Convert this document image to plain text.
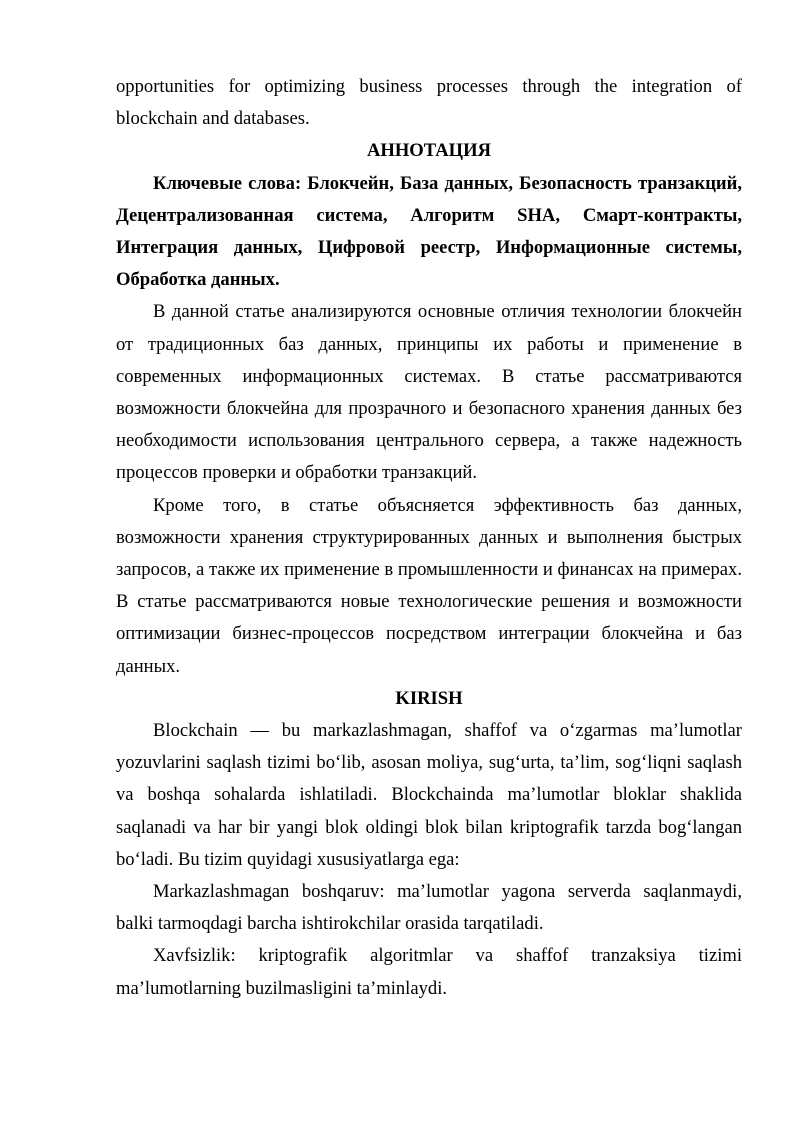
opportunities for optimizing business processes through the integration of blockchain and databases.

АННОТАЦИЯ

Ключевые слова: Блокчейн, База данных, Безопасность транзакций, Децентрализованная система, Алгоритм SHA, Смарт-контракты, Интеграция данных, Цифровой реестр, Информационные системы, Обработка данных.

В данной статье анализируются основные отличия технологии блокчейн от традиционных баз данных, принципы их работы и применение в современных информационных системах. В статье рассматриваются возможности блокчейна для прозрачного и безопасного хранения данных без необходимости использования центрального сервера, а также надежность процессов проверки и обработки транзакций.

Кроме того, в статье объясняется эффективность баз данных, возможности хранения структурированных данных и выполнения быстрых запросов, а также их применение в промышленности и финансах на примерах. В статье рассматриваются новые технологические решения и возможности оптимизации бизнес-процессов посредством интеграции блокчейна и баз данных.

KIRISH

Blockchain — bu markazlashmagan, shaffof va o‘zgarmas ma’lumotlar yozuvlarini saqlash tizimi bo‘lib, asosan moliya, sug‘urta, ta’lim, sog‘liqni saqlash va boshqa sohalarda ishlatiladi. Blockchainda ma’lumotlar bloklar shaklida saqlanadi va har bir yangi blok oldingi blok bilan kriptografik tarzda bog‘langan bo‘ladi. Bu tizim quyidagi xususiyatlarga ega:

Markazlashmagan boshqaruv: ma’lumotlar yagona serverda saqlanmaydi, balki tarmoqdagi barcha ishtirokchilar orasida tarqatiladi.

Xavfsizlik: kriptografik algoritmlar va shaffof tranzaksiya tizimi ma’lumotlarning buzilmasligini ta’minlaydi.
